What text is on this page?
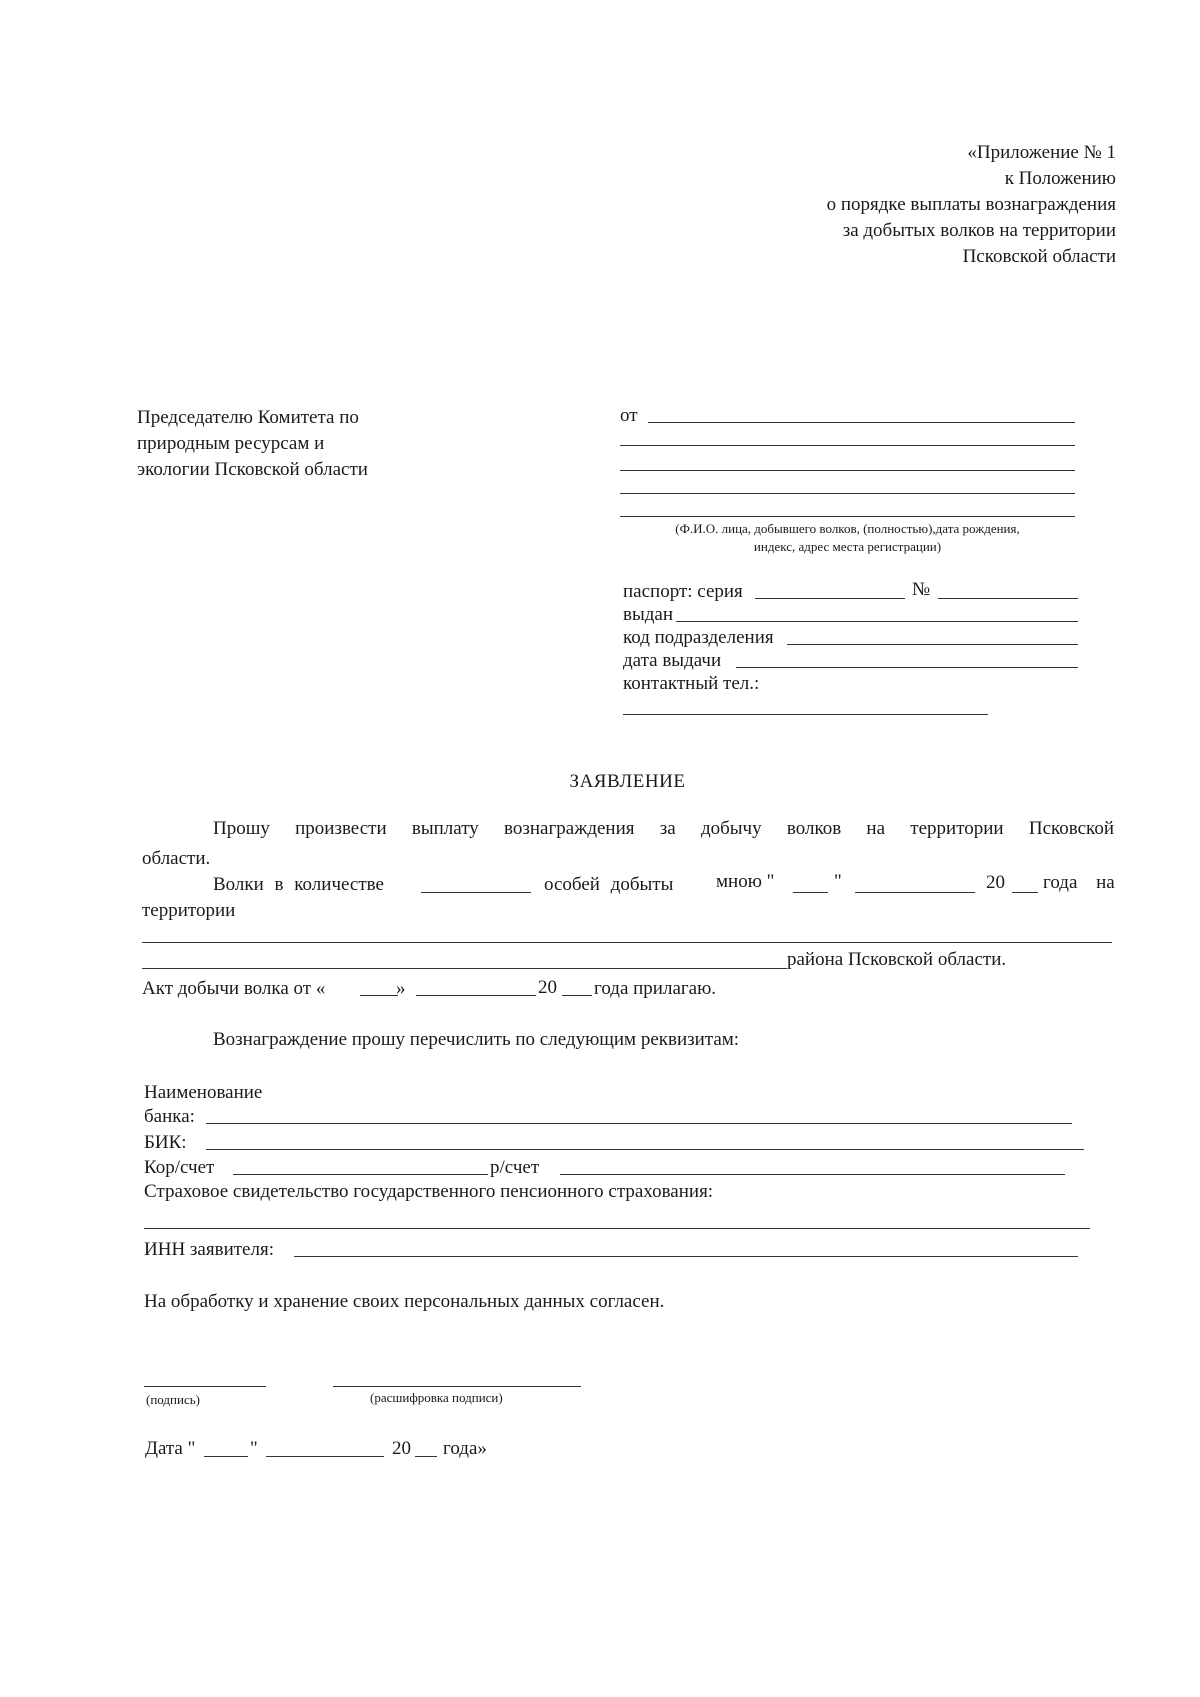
«Приложение № 1
к Положению
о порядке выплаты вознаграждения
за добытых волков на территории
Псковской области
Председателю Комитета по
природным ресурсам и
экологии Псковской области
от
(Ф.И.О. лица, добывшего волков, (полностью),дата рождения,
индекс, адрес места регистрации)
паспорт: серия	№
выдан
код подразделения
дата выдачи
контактный тел.:
ЗАЯВЛЕНИЕ
Прошу произвести выплату вознаграждения за добычу волков на территории Псковской
области.
Волки в количестве	особей добыты мною "	"	20 года на
территории
района Псковской области.
Акт добычи волка от «	»	20 года прилагаю.
Вознаграждение прошу перечислить по следующим реквизитам:
Наименование
банка:
БИК:
Кор/счет	р/счет
Страховое свидетельство государственного пенсионного страхования:
ИНН заявителя:
На обработку и хранение своих персональных данных согласен.
(подпись)	(расшифровка подписи)
Дата "	"	20 года»
